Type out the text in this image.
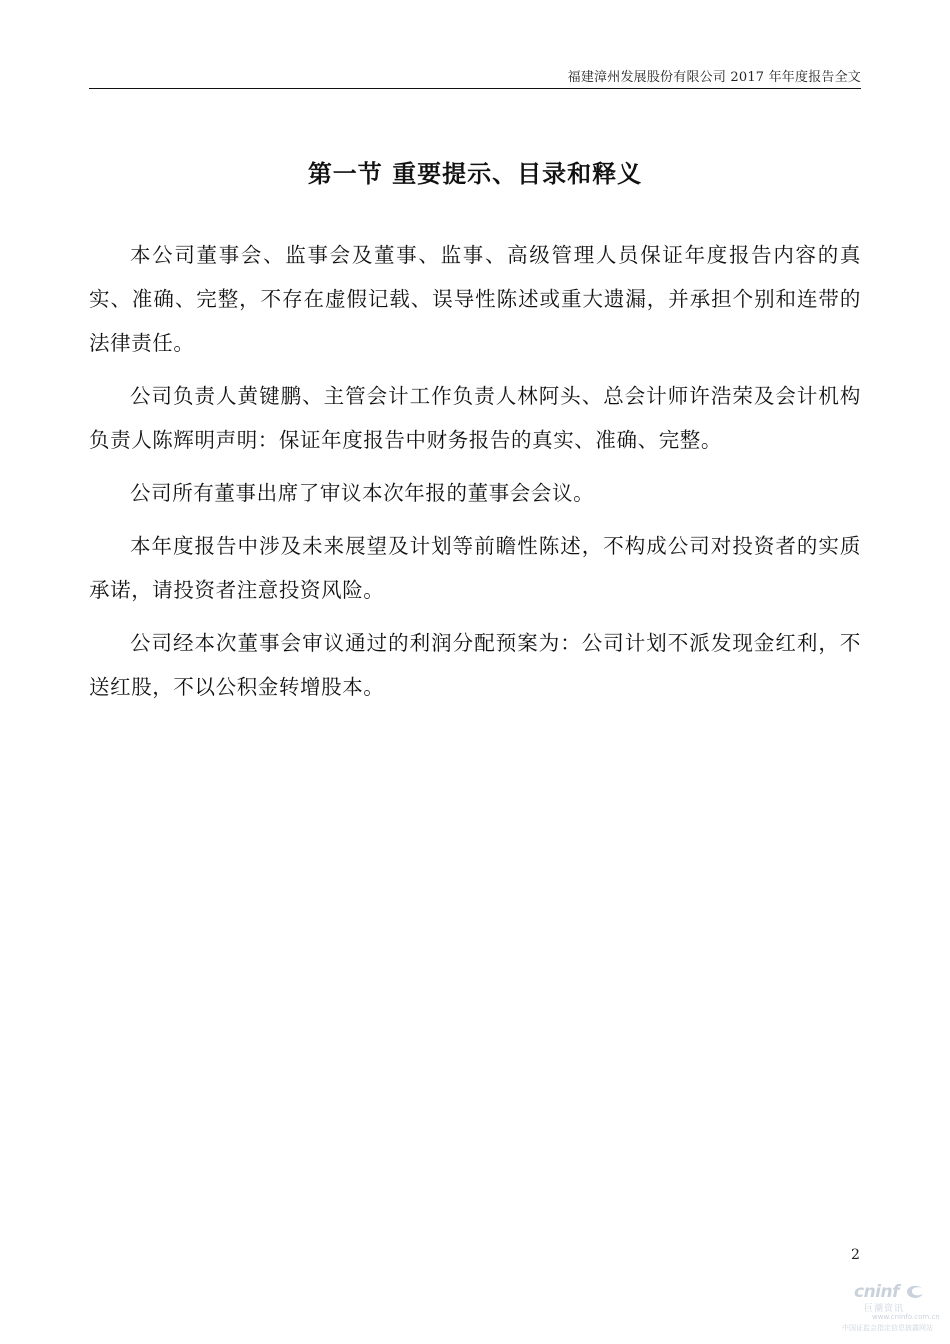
福建漳州发展股份有限公司 2017 年年度报告全文
第一节 重要提示、目录和释义

本公司董事会、监事会及董事、监事、高级管理人员保证年度报告内容的真实、准确、完整，不存在虚假记载、误导性陈述或重大遗漏，并承担个别和连带的法律责任。

公司负责人黄键鹏、主管会计工作负责人林阿头、总会计师许浩荣及会计机构负责人陈辉明声明：保证年度报告中财务报告的真实、准确、完整。

公司所有董事出席了审议本次年报的董事会会议。

本年度报告中涉及未来展望及计划等前瞻性陈述，不构成公司对投资者的实质承诺，请投资者注意投资风险。

公司经本次董事会审议通过的利润分配预案为：公司计划不派发现金红利，不送红股，不以公积金转增股本。

2
cninf
巨潮资讯
www.cninfo.com.cn
中国证监会指定信息披露网站
